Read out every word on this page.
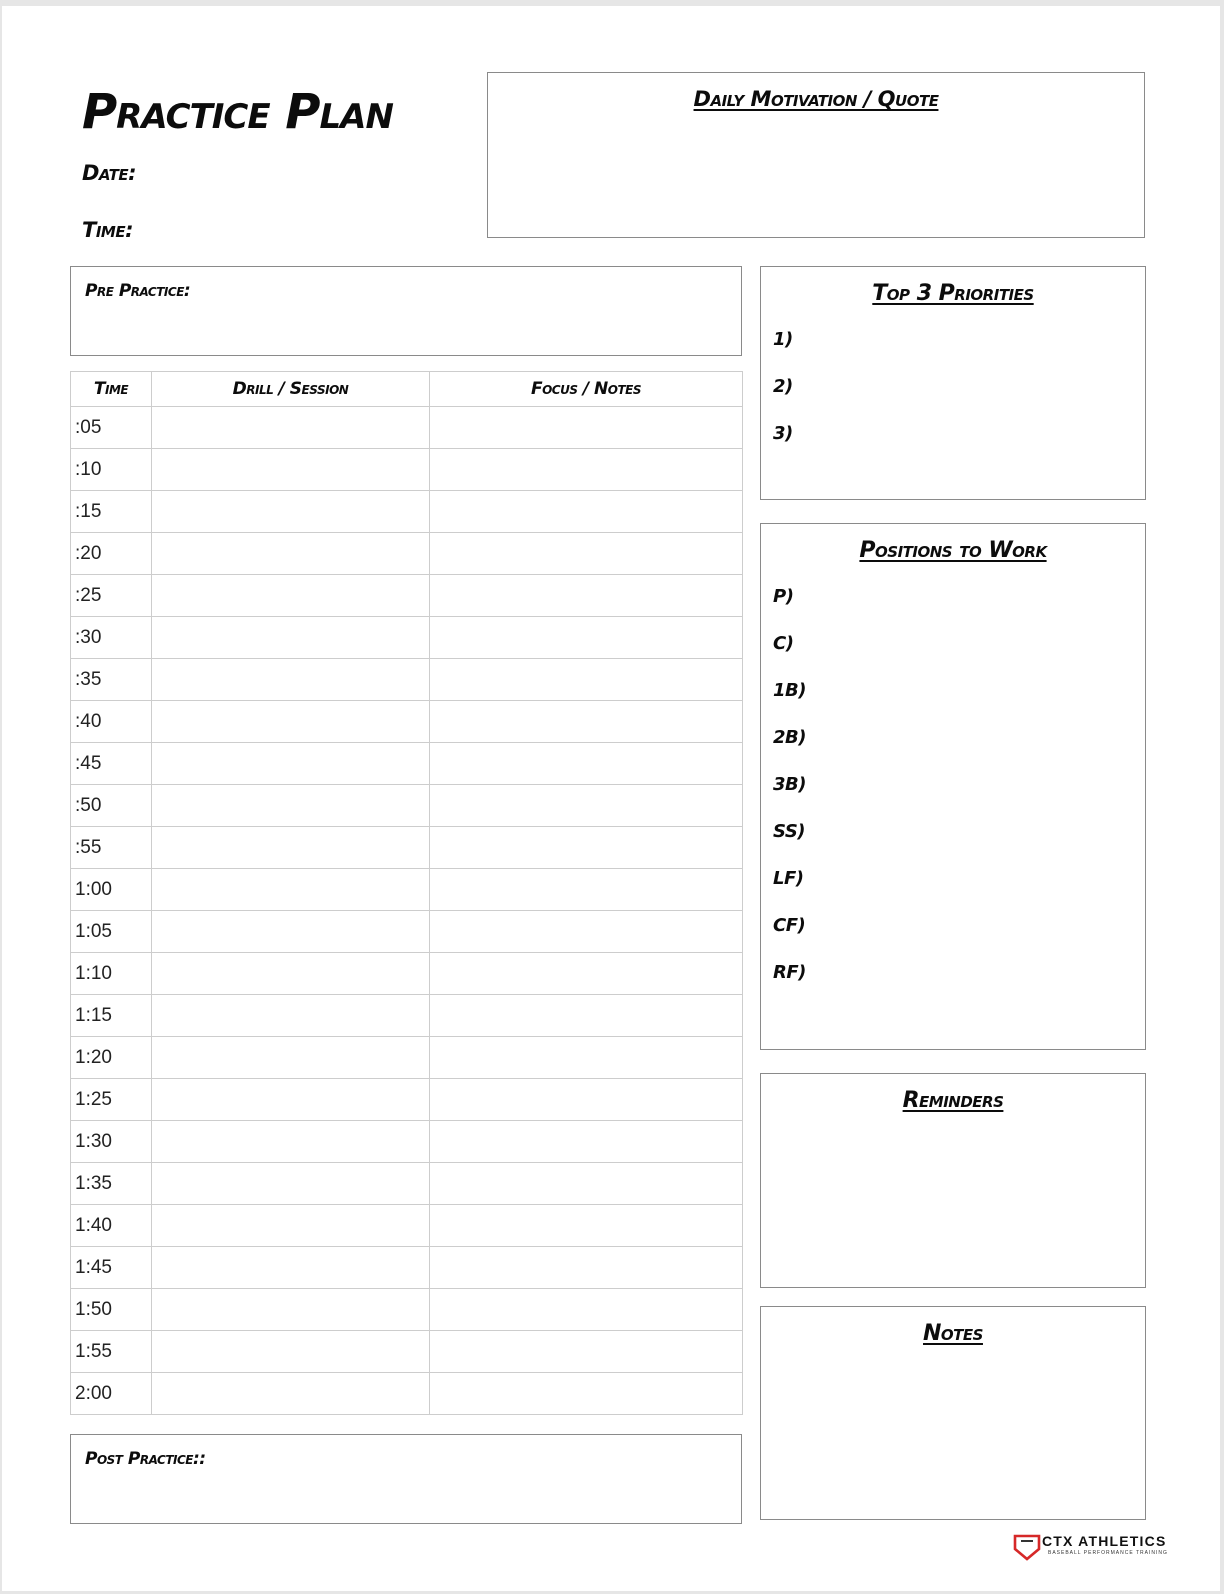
Practice Plan
Date:
Time:
Daily Motivation / Quote
Pre Practice:
Time	Drill / Session	Focus / Notes
:05		
:10		
:15		
:20		
:25		
:30		
:35		
:40		
:45		
:50		
:55		
1:00		
1:05		
1:10		
1:15		
1:20		
1:25		
1:30		
1:35		
1:40		
1:45		
1:50		
1:55		
2:00		
Post Practice::
Top 3 Priorities
1)
2)
3)
Positions to Work
P)
C)
1B)
2B)
3B)
SS)
LF)
CF)
RF)
Reminders
Notes
CTX ATHLETICS
BASEBALL PERFORMANCE TRAINING
